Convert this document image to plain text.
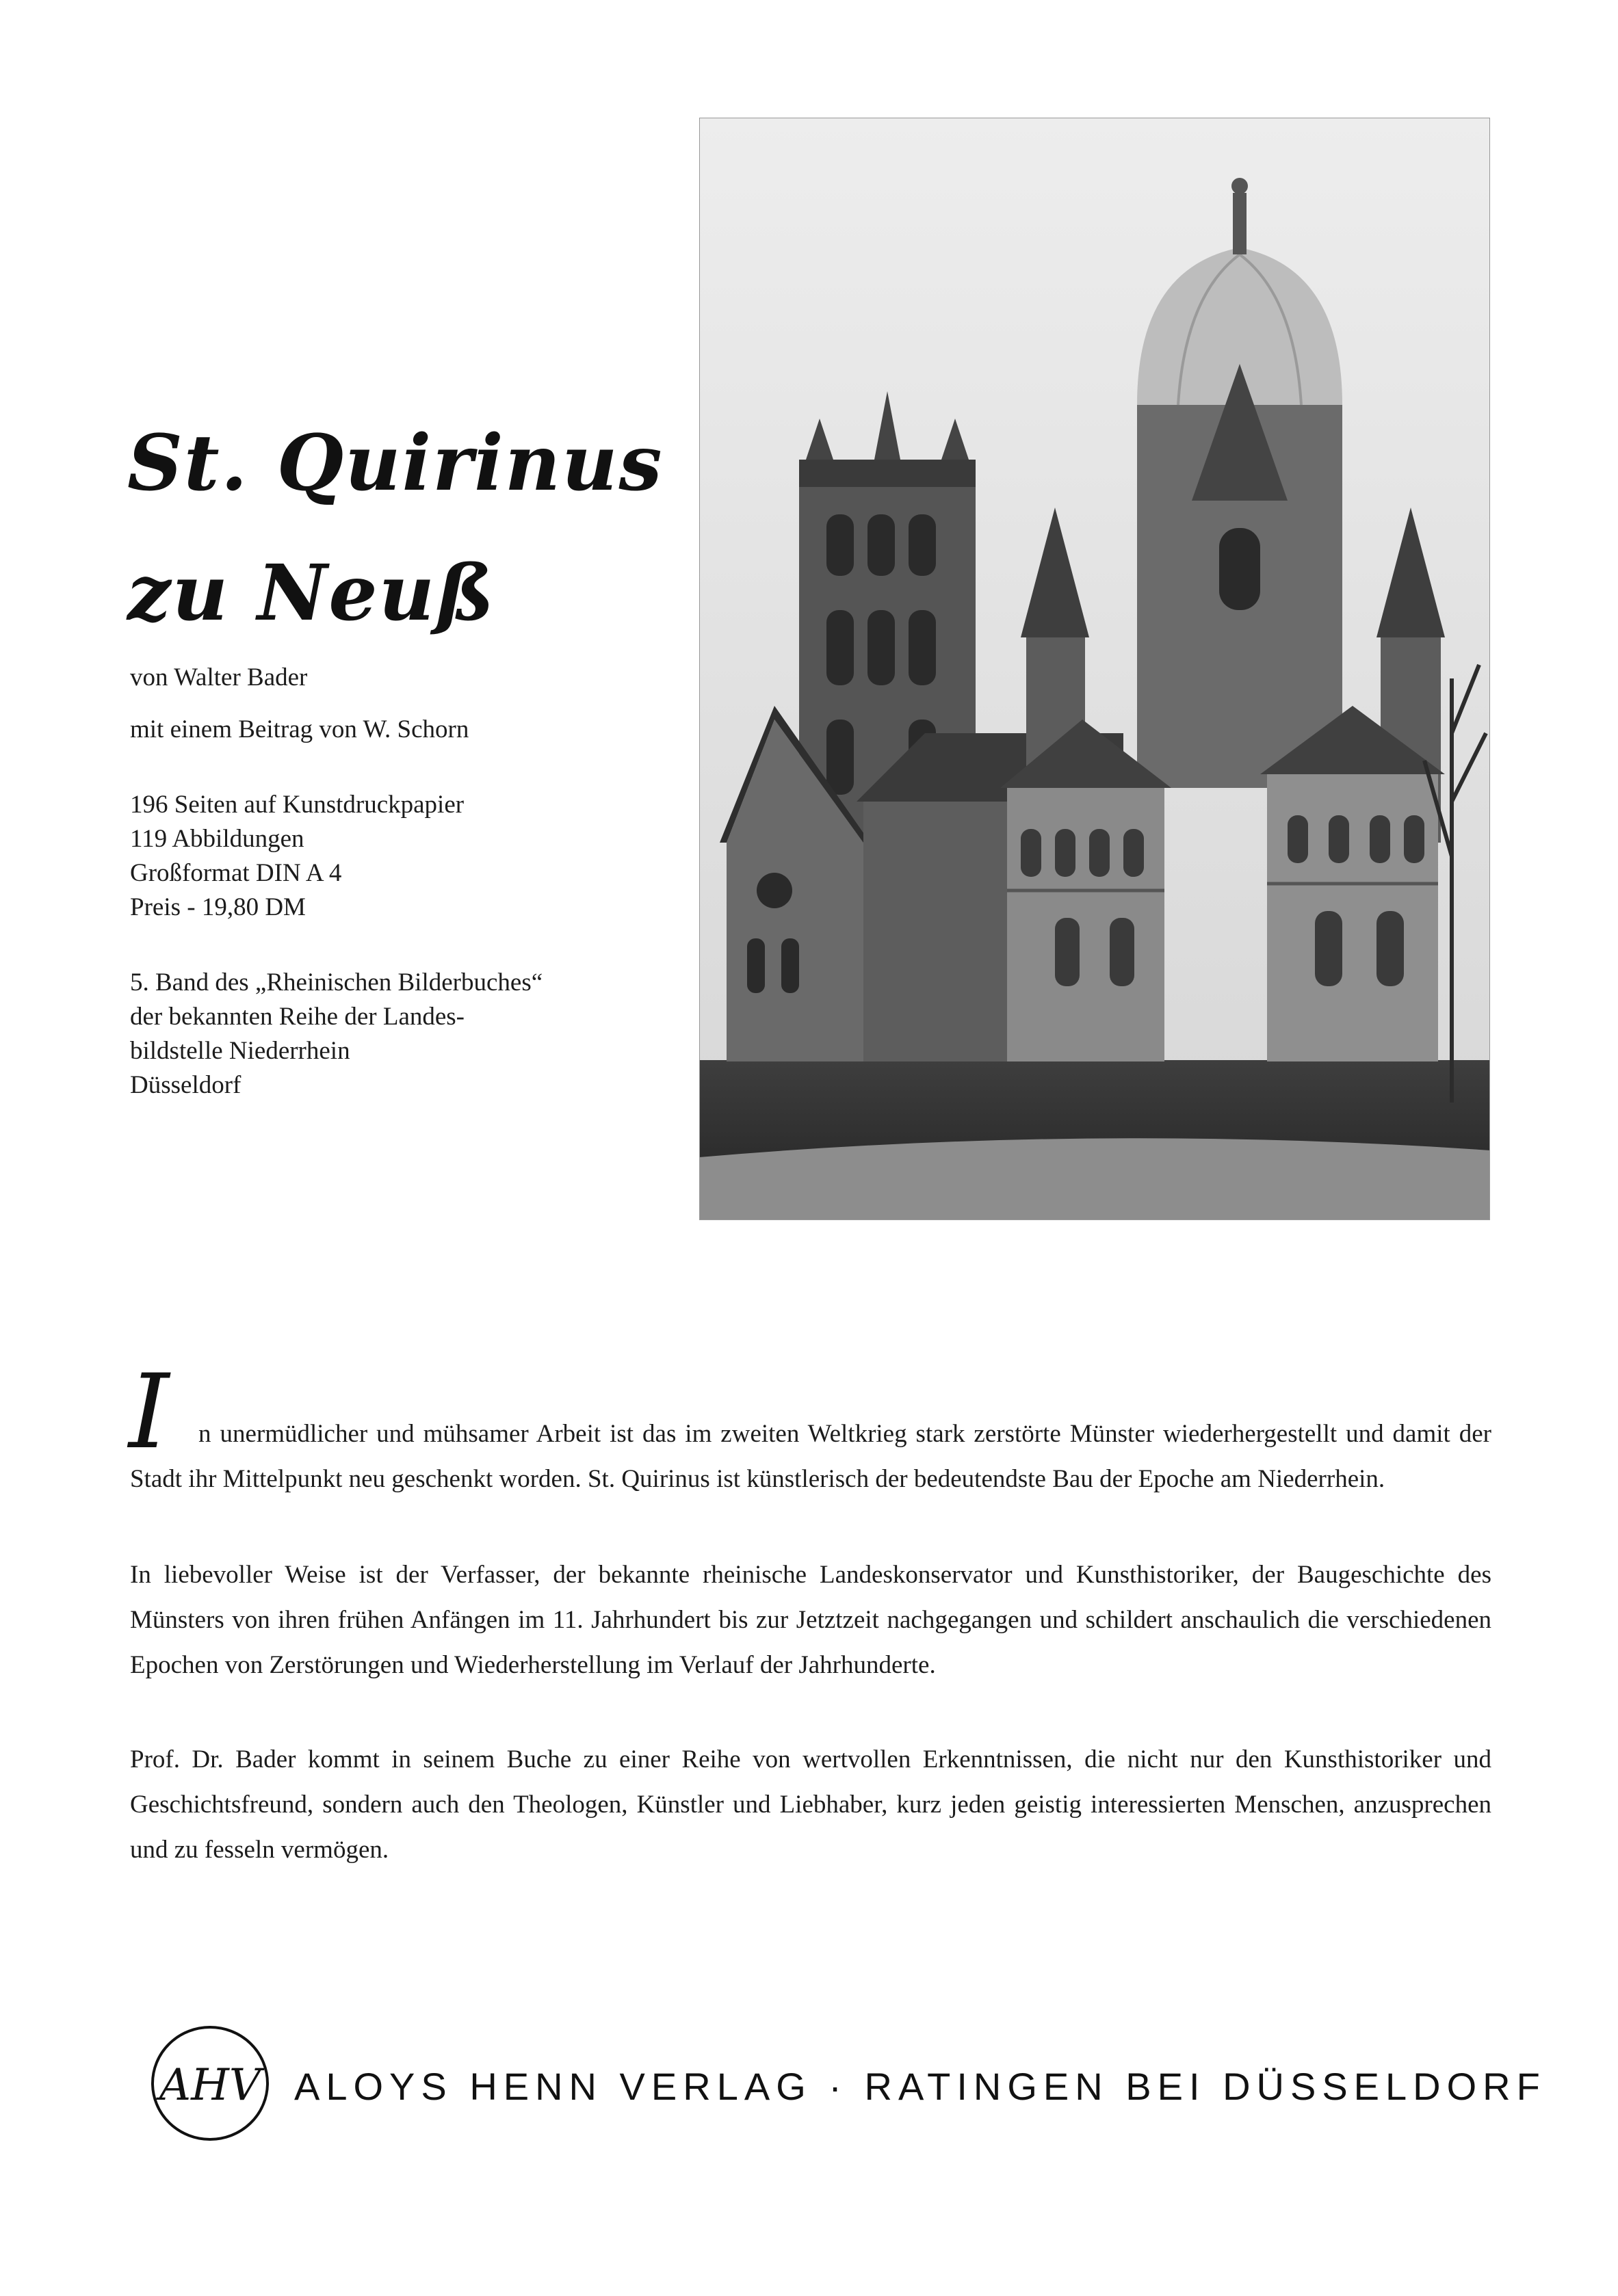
St. Quirinus
zu Neuß
von Walter Bader
mit einem Beitrag von W. Schorn
196 Seiten auf Kunstdruckpapier
119 Abbildungen
Großformat DIN A 4
Preis - 19,80 DM
5. Band des „Rheinischen Bilderbuches“
der bekannten Reihe der Landes-
bildstelle Niederrhein
Düsseldorf
I	n unermüdlicher und mühsamer Arbeit ist das im zweiten Weltkrieg stark zerstörte Münster wiederhergestellt und damit der Stadt ihr Mittelpunkt neu geschenkt worden. St. Quirinus ist künstlerisch der bedeutendste Bau der Epoche am Niederrhein.

In liebevoller Weise ist der Verfasser, der bekannte rheinische Landeskonservator und Kunsthistoriker, der Baugeschichte des Münsters von ihren frühen Anfängen im 11. Jahrhundert bis zur Jetztzeit nachgegangen und schildert anschaulich die verschiedenen Epochen von Zerstörungen und Wiederherstellung im Verlauf der Jahrhunderte.

Prof. Dr. Bader kommt in seinem Buche zu einer Reihe von wertvollen Erkenntnissen, die nicht nur den Kunsthistoriker und Geschichtsfreund, sondern auch den Theologen, Künstler und Liebhaber, kurz jeden geistig interessierten Menschen, anzusprechen und zu fesseln vermögen.

AHV ALOYS HENN VERLAG · RATINGEN BEI DÜSSELDORF
